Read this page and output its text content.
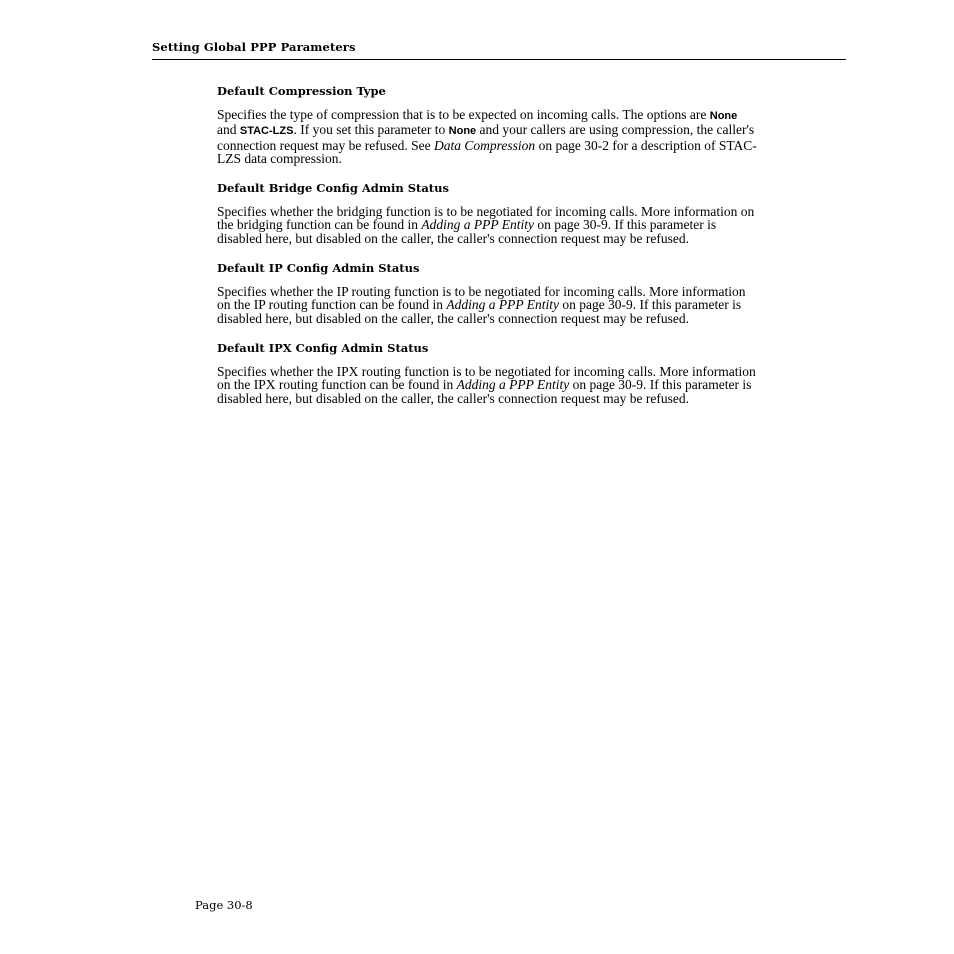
Setting Global PPP Parameters
Default Compression Type

Specifies the type of compression that is to be expected on incoming calls. The options are None and STAC-LZS. If you set this parameter to None and your callers are using compression, the caller's connection request may be refused. See Data Compression on page 30-2 for a description of STAC-LZS data compression.

Default Bridge Config Admin Status

Specifies whether the bridging function is to be negotiated for incoming calls. More information on the bridging function can be found in Adding a PPP Entity on page 30-9. If this parameter is disabled here, but disabled on the caller, the caller's connection request may be refused.

Default IP Config Admin Status

Specifies whether the IP routing function is to be negotiated for incoming calls. More information on the IP routing function can be found in Adding a PPP Entity on page 30-9. If this parameter is disabled here, but disabled on the caller, the caller's connection request may be refused.

Default IPX Config Admin Status

Specifies whether the IPX routing function is to be negotiated for incoming calls. More information on the IPX routing function can be found in Adding a PPP Entity on page 30-9. If this parameter is disabled here, but disabled on the caller, the caller's connection request may be refused.

Page 30-8
